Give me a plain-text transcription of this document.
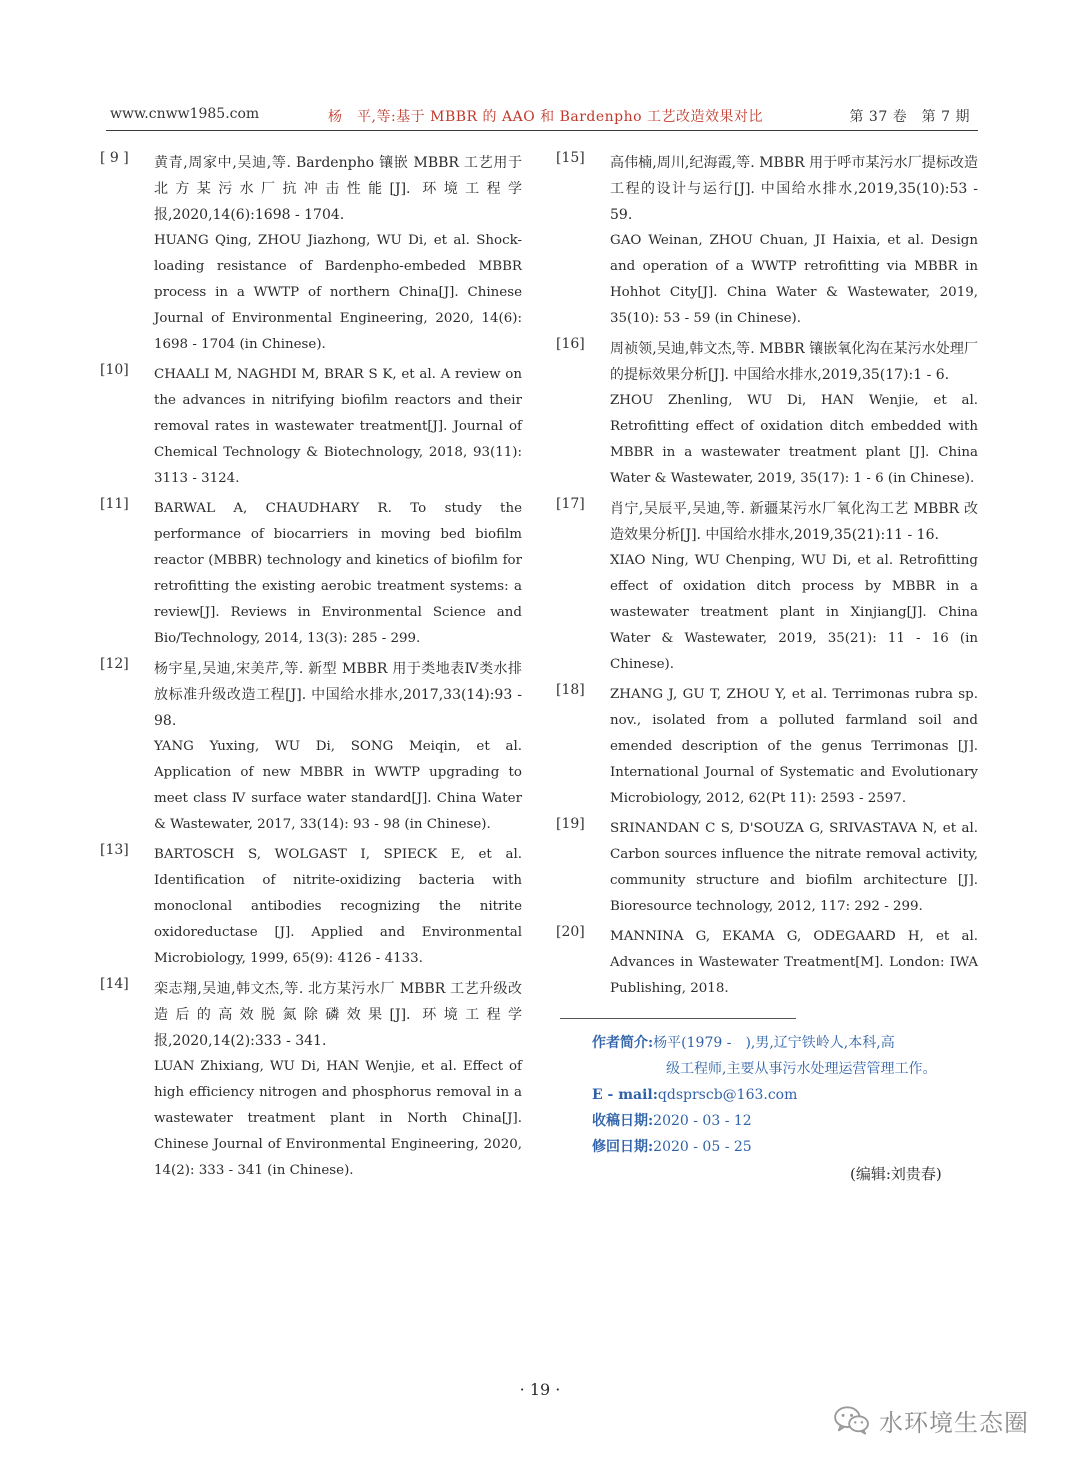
www.cnww1985.com	杨　平,等:基于 MBBR 的 AAO 和 Bardenpho 工艺改造效果对比	第 37 卷　第 7 期
[ 9 ] 黄青,周家中,吴迪,等. Bardenpho 镶嵌 MBBR 工艺用于北方某污水厂抗冲击性能[J]. 环境工程学报,2020,14(6):1698 - 1704.

HUANG Qing, ZHOU Jiazhong, WU Di, et al. Shock-loading resistance of Bardenpho-embeded MBBR process in a WWTP of northern China[J]. Chinese Journal of Environmental Engineering, 2020, 14(6): 1698 - 1704 (in Chinese).

[10] CHAALI M, NAGHDI M, BRAR S K, et al. A review on the advances in nitrifying biofilm reactors and their removal rates in wastewater treatment[J]. Journal of Chemical Technology & Biotechnology, 2018, 93(11): 3113 - 3124.

[11] BARWAL A, CHAUDHARY R. To study the performance of biocarriers in moving bed biofilm reactor (MBBR) technology and kinetics of biofilm for retrofitting the existing aerobic treatment systems: a review[J]. Reviews in Environmental Science and Bio/Technology, 2014, 13(3): 285 - 299.

[12] 杨宇星,吴迪,宋美芹,等. 新型 MBBR 用于类地表Ⅳ类水排放标准升级改造工程[J]. 中国给水排水,2017,33(14):93 - 98.

YANG Yuxing, WU Di, SONG Meiqin, et al. Application of new MBBR in WWTP upgrading to meet class Ⅳ surface water standard[J]. China Water & Wastewater, 2017, 33(14): 93 - 98 (in Chinese).

[13] BARTOSCH S, WOLGAST I, SPIECK E, et al. Identification of nitrite-oxidizing bacteria with monoclonal antibodies recognizing the nitrite oxidoreductase [J]. Applied and Environmental Microbiology, 1999, 65(9): 4126 - 4133.

[14] 栾志翔,吴迪,韩文杰,等. 北方某污水厂 MBBR 工艺升级改造后的高效脱氮除磷效果[J]. 环境工程学报,2020,14(2):333 - 341.

LUAN Zhixiang, WU Di, HAN Wenjie, et al. Effect of high efficiency nitrogen and phosphorus removal in a wastewater treatment plant in North China[J]. Chinese Journal of Environmental Engineering, 2020, 14(2): 333 - 341 (in Chinese).

[15] 高伟楠,周川,纪海霞,等. MBBR 用于呼市某污水厂提标改造工程的设计与运行[J]. 中国给水排水,2019,35(10):53 - 59.

GAO Weinan, ZHOU Chuan, JI Haixia, et al. Design and operation of a WWTP retrofitting via MBBR in Hohhot City[J]. China Water & Wastewater, 2019, 35(10): 53 - 59 (in Chinese).

[16] 周祯领,吴迪,韩文杰,等. MBBR 镶嵌氧化沟在某污水处理厂的提标效果分析[J]. 中国给水排水,2019,35(17):1 - 6.

ZHOU Zhenling, WU Di, HAN Wenjie, et al. Retrofitting effect of oxidation ditch embedded with MBBR in a wastewater treatment plant [J]. China Water & Wastewater, 2019, 35(17): 1 - 6 (in Chinese).

[17] 肖宁,吴辰平,吴迪,等. 新疆某污水厂氧化沟工艺 MBBR 改造效果分析[J]. 中国给水排水,2019,35(21):11 - 16.

XIAO Ning, WU Chenping, WU Di, et al. Retrofitting effect of oxidation ditch process by MBBR in a wastewater treatment plant in Xinjiang[J]. China Water & Wastewater, 2019, 35(21): 11 - 16 (in Chinese).

[18] ZHANG J, GU T, ZHOU Y, et al. Terrimonas rubra sp. nov., isolated from a polluted farmland soil and emended description of the genus Terrimonas [J]. International Journal of Systematic and Evolutionary Microbiology, 2012, 62(Pt 11): 2593 - 2597.

[19] SRINANDAN C S, D'SOUZA G, SRIVASTAVA N, et al. Carbon sources influence the nitrate removal activity, community structure and biofilm architecture [J]. Bioresource technology, 2012, 117: 292 - 299.

[20] MANNINA G, EKAMA G, ODEGAARD H, et al. Advances in Wastewater Treatment[M]. London: IWA Publishing, 2018.

作者简介:杨平(1979 -　),男,辽宁铁岭人,本科,高
级工程师,主要从事污水处理运营管理工作。
E - mail:qdsprscb@163.com
收稿日期:2020 - 03 - 12
修回日期:2020 - 05 - 25
(编辑:刘贵春)
· 19 ·
水环境生态圈
